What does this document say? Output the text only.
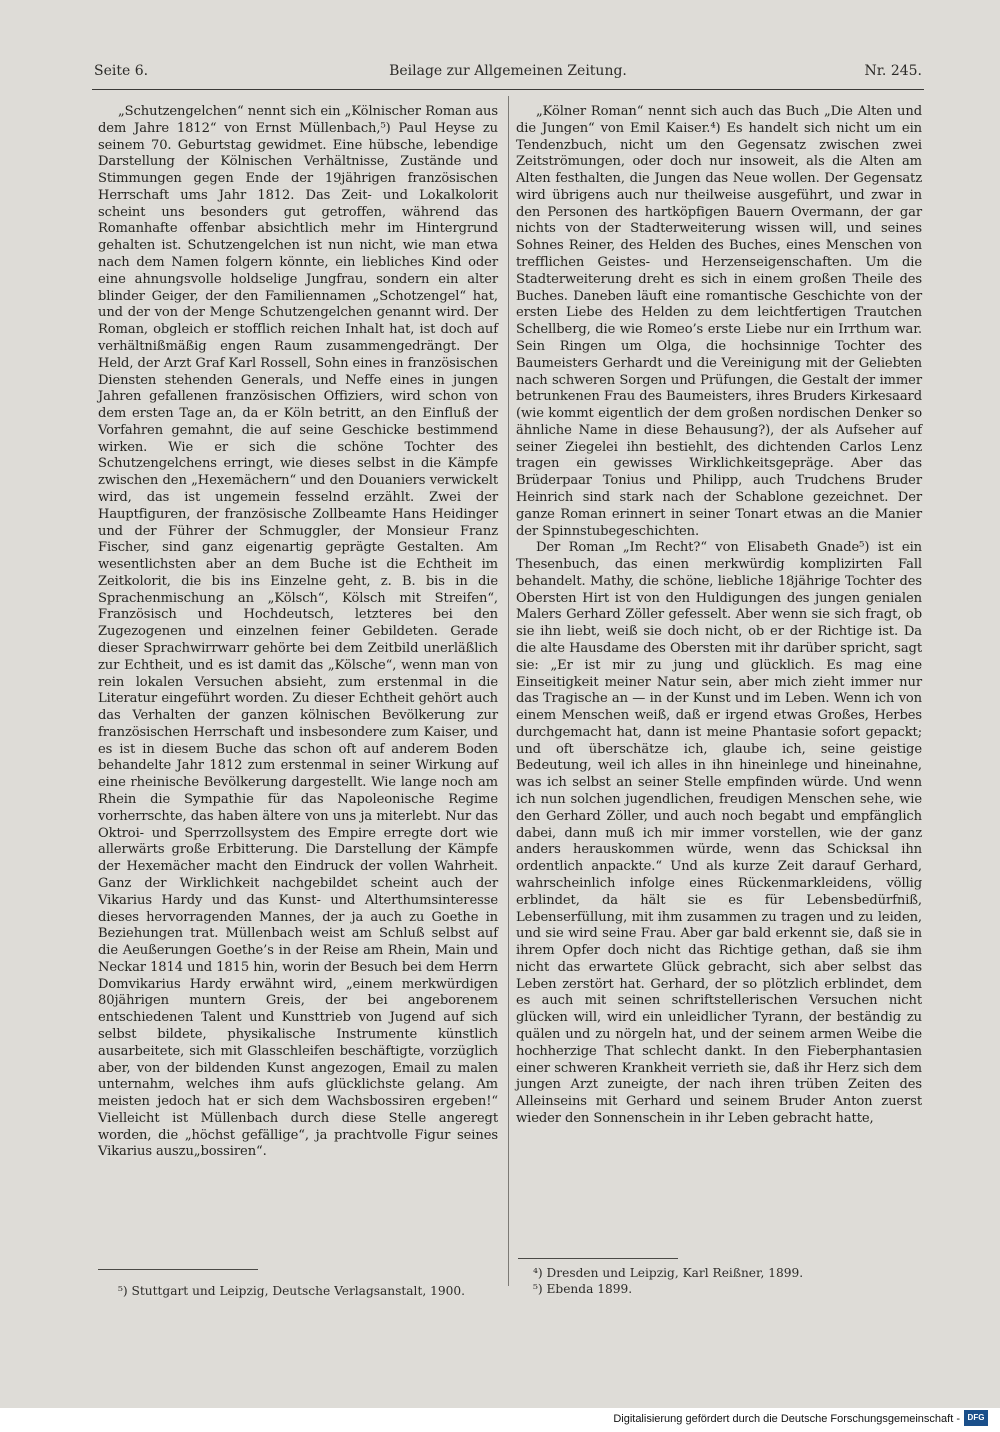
Seite 6.	Beilage zur Allgemeinen Zeitung.	Nr. 245.

„Schutzengelchen“ nennt sich ein „Kölnischer Roman aus dem Jahre 1812“ von Ernst Müllenbach,⁵) Paul Heyse zu seinem 70. Geburtstag gewidmet. Eine hübsche, lebendige Darstellung der Kölnischen Verhältnisse, Zustände und Stimmungen gegen Ende der 19jährigen französischen Herrschaft ums Jahr 1812. Das Zeit- und Lokalkolorit scheint uns besonders gut getroffen, während das Romanhafte offenbar absichtlich mehr im Hintergrund gehalten ist. Schutzengelchen ist nun nicht, wie man etwa nach dem Namen folgern könnte, ein liebliches Kind oder eine ahnungsvolle holdselige Jungfrau, sondern ein alter blinder Geiger, der den Familiennamen „Schotzengel“ hat, und der von der Menge Schutzengelchen genannt wird. Der Roman, obgleich er stofflich reichen Inhalt hat, ist doch auf verhältnißmäßig engen Raum zusammengedrängt. Der Held, der Arzt Graf Karl Rossell, Sohn eines in französischen Diensten stehenden Generals, und Neffe eines in jungen Jahren gefallenen französischen Offiziers, wird schon von dem ersten Tage an, da er Köln betritt, an den Einfluß der Vorfahren gemahnt, die auf seine Geschicke bestimmend wirken. Wie er sich die schöne Tochter des Schutzengelchens erringt, wie dieses selbst in die Kämpfe zwischen den „Hexemächern“ und den Douaniers verwickelt wird, das ist ungemein fesselnd erzählt. Zwei der Hauptfiguren, der französische Zollbeamte Hans Heidinger und der Führer der Schmuggler, der Monsieur Franz Fischer, sind ganz eigenartig geprägte Gestalten. Am wesentlichsten aber an dem Buche ist die Echtheit im Zeitkolorit, die bis ins Einzelne geht, z. B. bis in die Sprachenmischung an „Kölsch“, Kölsch mit Streifen“, Französisch und Hochdeutsch, letzteres bei den Zugezogenen und einzelnen feiner Gebildeten. Gerade dieser Sprachwirrwarr gehörte bei dem Zeitbild unerläßlich zur Echtheit, und es ist damit das „Kölsche“, wenn man von rein lokalen Versuchen absieht, zum erstenmal in die Literatur eingeführt worden. Zu dieser Echtheit gehört auch das Verhalten der ganzen kölnischen Bevölkerung zur französischen Herrschaft und insbesondere zum Kaiser, und es ist in diesem Buche das schon oft auf anderem Boden behandelte Jahr 1812 zum erstenmal in seiner Wirkung auf eine rheinische Bevölkerung dargestellt. Wie lange noch am Rhein die Sympathie für das Napoleonische Regime vorherrschte, das haben ältere von uns ja miterlebt. Nur das Oktroi- und Sperrzollsystem des Empire erregte dort wie allerwärts große Erbitterung. Die Darstellung der Kämpfe der Hexemächer macht den Eindruck der vollen Wahrheit. Ganz der Wirklichkeit nachgebildet scheint auch der Vikarius Hardy und das Kunst- und Alterthumsinteresse dieses hervorragenden Mannes, der ja auch zu Goethe in Beziehungen trat. Müllenbach weist am Schluß selbst auf die Aeußerungen Goethe’s in der Reise am Rhein, Main und Neckar 1814 und 1815 hin, worin der Besuch bei dem Herrn Domvikarius Hardy erwähnt wird, „einem merkwürdigen 80jährigen muntern Greis, der bei angeborenem entschiedenen Talent und Kunsttrieb von Jugend auf sich selbst bildete, physikalische Instrumente künstlich ausarbeitete, sich mit Glasschleifen beschäftigte, vorzüglich aber, von der bildenden Kunst angezogen, Email zu malen unternahm, welches ihm aufs glücklichste gelang. Am meisten jedoch hat er sich dem Wachsbossiren ergeben!“ Vielleicht ist Müllenbach durch diese Stelle angeregt worden, die „höchst gefällige“, ja prachtvolle Figur seines Vikarius auszu„bossiren“.

„Kölner Roman“ nennt sich auch das Buch „Die Alten und die Jungen“ von Emil Kaiser.⁴) Es handelt sich nicht um ein Tendenzbuch, nicht um den Gegensatz zwischen zwei Zeitströmungen, oder doch nur insoweit, als die Alten am Alten festhalten, die Jungen das Neue wollen. Der Gegensatz wird übrigens auch nur theilweise ausgeführt, und zwar in den Personen des hartköpfigen Bauern Overmann, der gar nichts von der Stadterweiterung wissen will, und seines Sohnes Reiner, des Helden des Buches, eines Menschen von trefflichen Geistes- und Herzenseigenschaften. Um die Stadterweiterung dreht es sich in einem großen Theile des Buches. Daneben läuft eine romantische Geschichte von der ersten Liebe des Helden zu dem leichtfertigen Trautchen Schellberg, die wie Romeo’s erste Liebe nur ein Irrthum war. Sein Ringen um Olga, die hochsinnige Tochter des Baumeisters Gerhardt und die Vereinigung mit der Geliebten nach schweren Sorgen und Prüfungen, die Gestalt der immer betrunkenen Frau des Baumeisters, ihres Bruders Kirkesaard (wie kommt eigentlich der dem großen nordischen Denker so ähnliche Name in diese Behausung?), der als Aufseher auf seiner Ziegelei ihn bestiehlt, des dichtenden Carlos Lenz tragen ein gewisses Wirklichkeitsgepräge. Aber das Brüderpaar Tonius und Philipp, auch Trudchens Bruder Heinrich sind stark nach der Schablone gezeichnet. Der ganze Roman erinnert in seiner Tonart etwas an die Manier der Spinnstubegeschichten.

Der Roman „Im Recht?“ von Elisabeth Gnade⁵) ist ein Thesenbuch, das einen merkwürdig komplizirten Fall behandelt. Mathy, die schöne, liebliche 18jährige Tochter des Obersten Hirt ist von den Huldigungen des jungen genialen Malers Gerhard Zöller gefesselt. Aber wenn sie sich fragt, ob sie ihn liebt, weiß sie doch nicht, ob er der Richtige ist. Da die alte Hausdame des Obersten mit ihr darüber spricht, sagt sie: „Er ist mir zu jung und glücklich. Es mag eine Einseitigkeit meiner Natur sein, aber mich zieht immer nur das Tragische an — in der Kunst und im Leben. Wenn ich von einem Menschen weiß, daß er irgend etwas Großes, Herbes durchgemacht hat, dann ist meine Phantasie sofort gepackt; und oft überschätze ich, glaube ich, seine geistige Bedeutung, weil ich alles in ihn hineinlege und hineinahne, was ich selbst an seiner Stelle empfinden würde. Und wenn ich nun solchen jugendlichen, freudigen Menschen sehe, wie den Gerhard Zöller, und auch noch begabt und empfänglich dabei, dann muß ich mir immer vorstellen, wie der ganz anders herauskommen würde, wenn das Schicksal ihn ordentlich anpackte.“ Und als kurze Zeit darauf Gerhard, wahrscheinlich infolge eines Rückenmarkleidens, völlig erblindet, da hält sie es für Lebensbedürfniß, Lebenserfüllung, mit ihm zusammen zu tragen und zu leiden, und sie wird seine Frau. Aber gar bald erkennt sie, daß sie in ihrem Opfer doch nicht das Richtige gethan, daß sie ihm nicht das erwartete Glück gebracht, sich aber selbst das Leben zerstört hat. Gerhard, der so plötzlich erblindet, dem es auch mit seinen schriftstellerischen Versuchen nicht glücken will, wird ein unleidlicher Tyrann, der beständig zu quälen und zu nörgeln hat, und der seinem armen Weibe die hochherzige That schlecht dankt. In den Fieberphantasien einer schweren Krankheit verrieth sie, daß ihr Herz sich dem jungen Arzt zuneigte, der nach ihren trüben Zeiten des Alleinseins mit Gerhard und seinem Bruder Anton zuerst wieder den Sonnenschein in ihr Leben gebracht hatte,

⁵) Stuttgart und Leipzig, Deutsche Verlagsanstalt, 1900.
⁴) Dresden und Leipzig, Karl Reißner, 1899.
⁵) Ebenda 1899.
Digitalisierung gefördert durch die Deutsche Forschungsgemeinschaft - DFG
